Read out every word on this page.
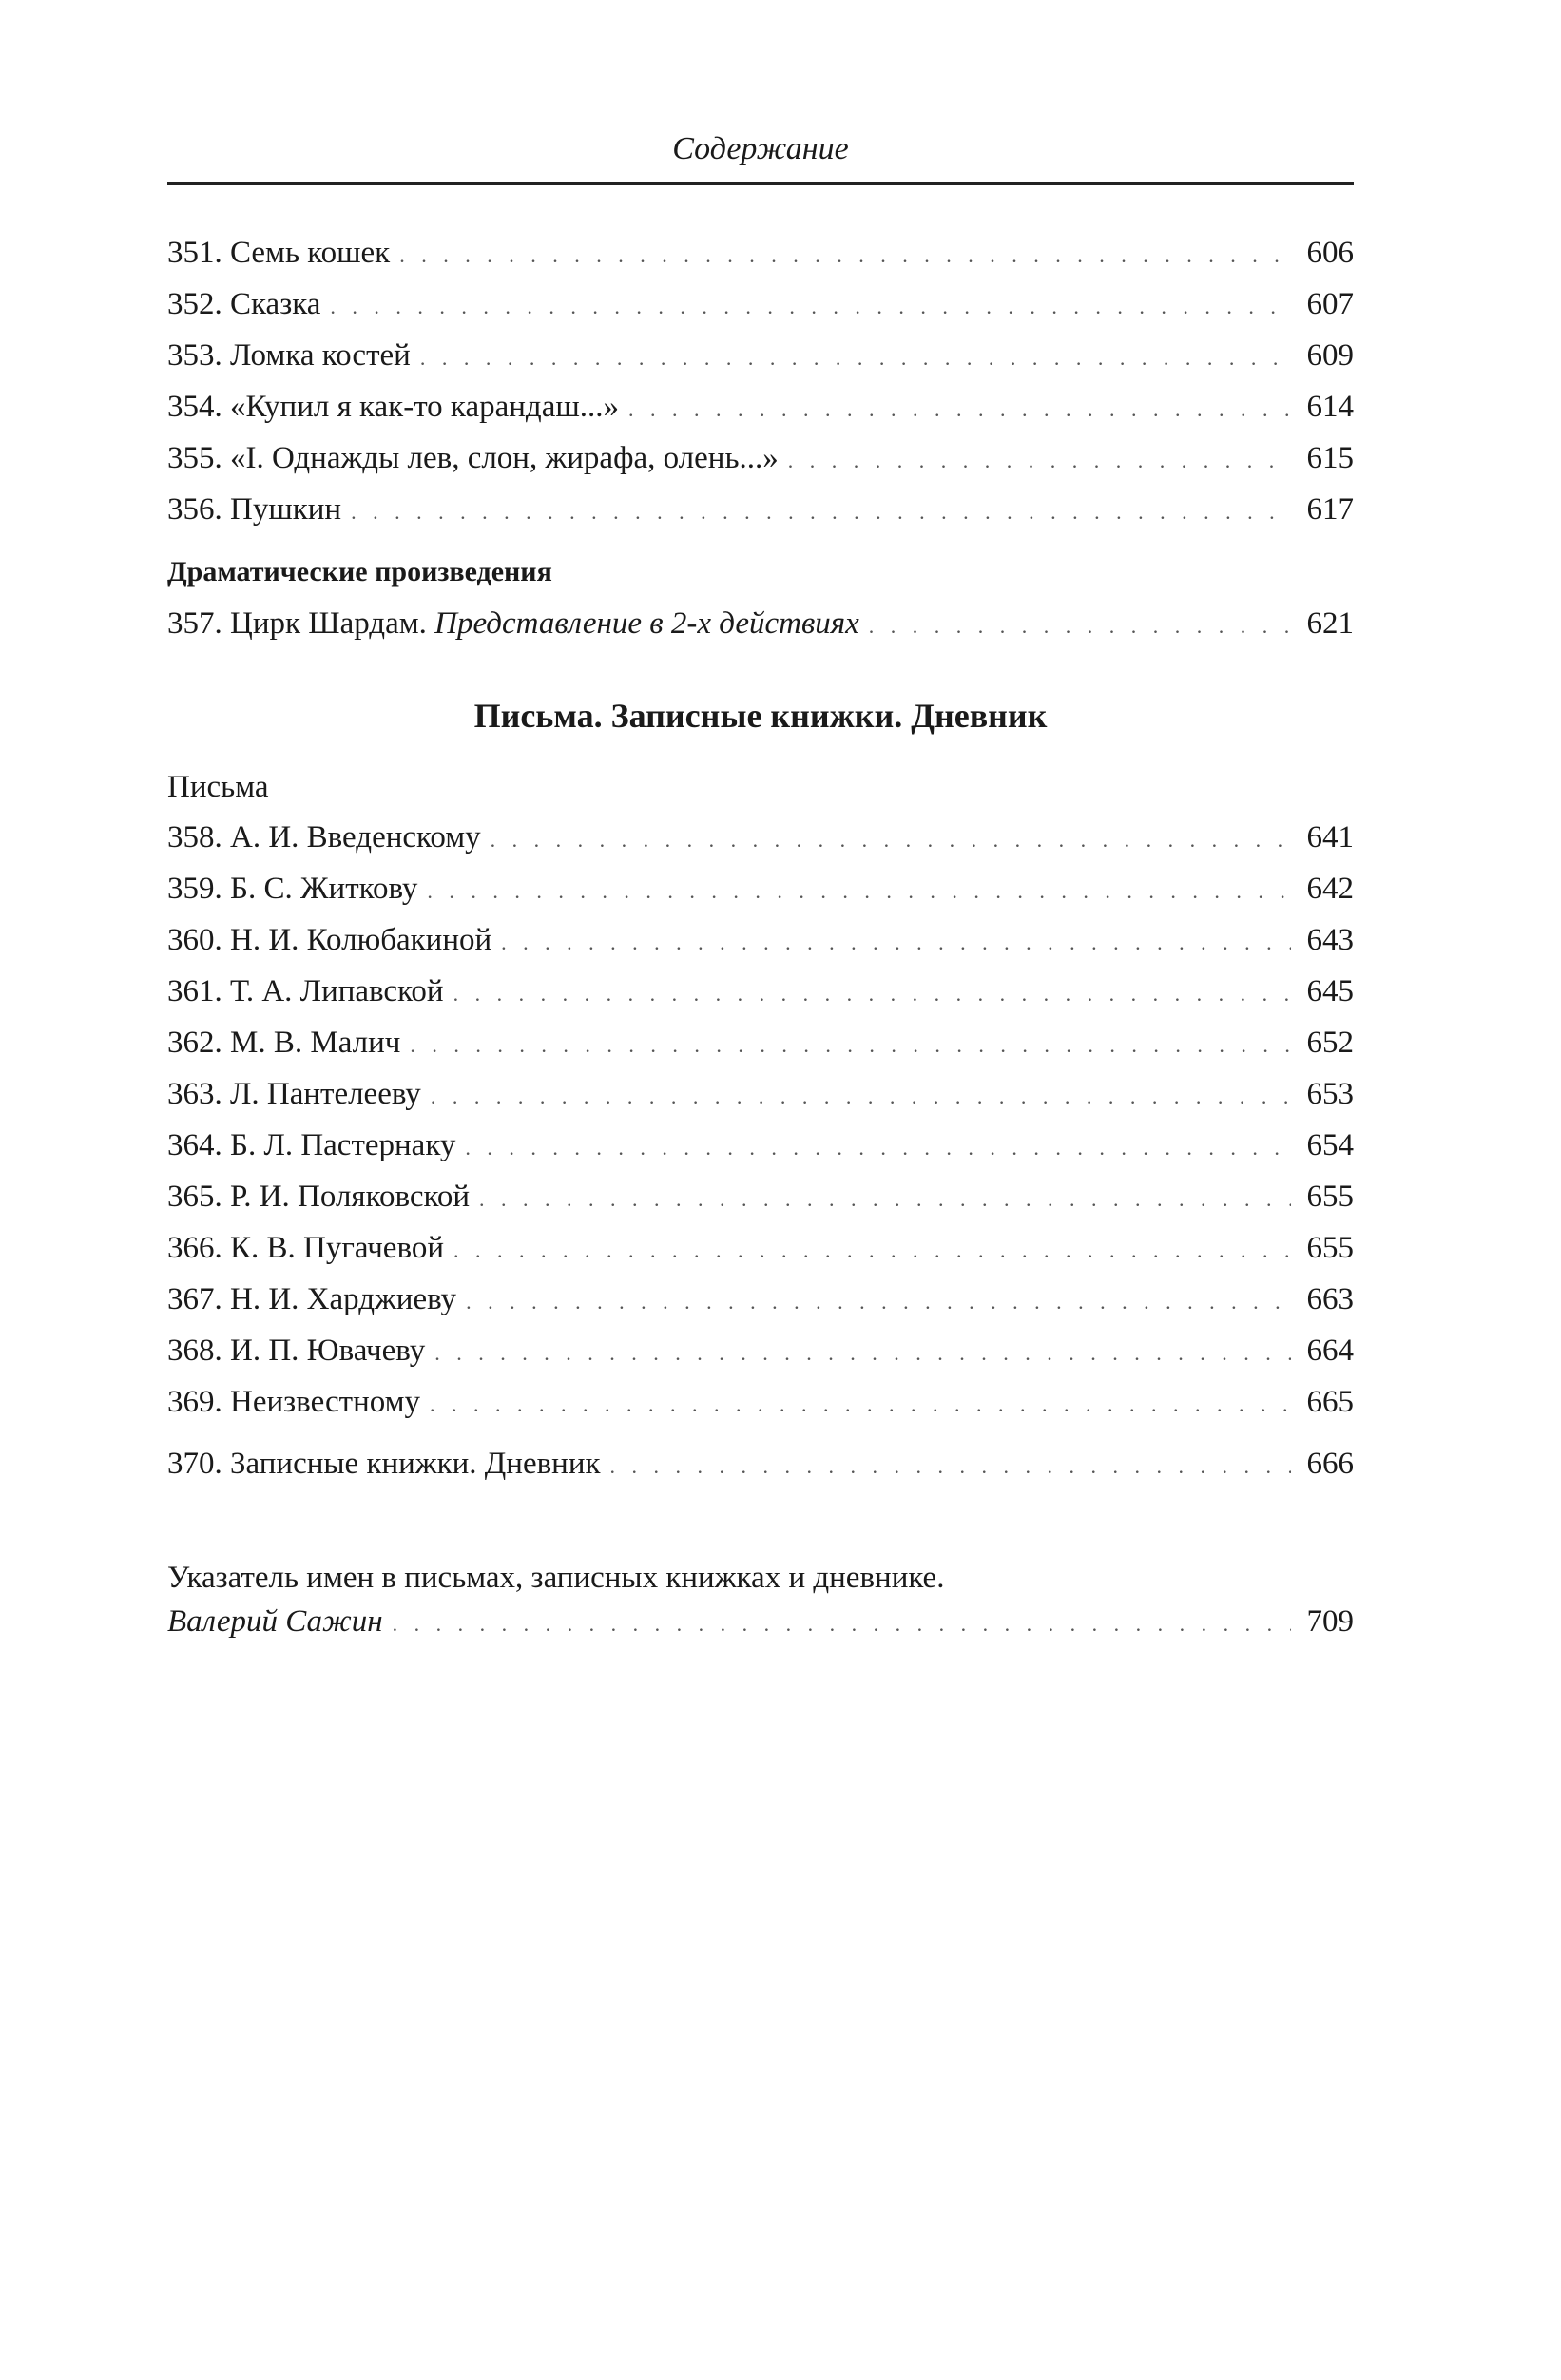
Содержание
351. Семь кошек . . .	606
352. Сказка . . .	607
353. Ломка костей . . .	609
354. «Купил я как-то карандаш...» . . .	614
355. «I. Однажды лев, слон, жирафа, олень...» . . .	615
356. Пушкин . . .	617
Драматические произведения
357. Цирк Шардам. Представление в 2-х действиях . . .	621
Письма. Записные книжки. Дневник
Письма
358. А. И. Введенскому . . .	641
359. Б. С. Житкову . . .	642
360. Н. И. Колюбакиной . . .	643
361. Т. А. Липавской . . .	645
362. М. В. Малич . . .	652
363. Л. Пантелееву . . .	653
364. Б. Л. Пастернаку . . .	654
365. Р. И. Поляковской . . .	655
366. К. В. Пугачевой . . .	655
367. Н. И. Харджиеву . . .	663
368. И. П. Ювачеву . . .	664
369. Неизвестному . . .	665
370. Записные книжки. Дневник . . .	666
Указатель имен в письмах, записных книжках и дневнике.
Валерий Сажин . . .	709
